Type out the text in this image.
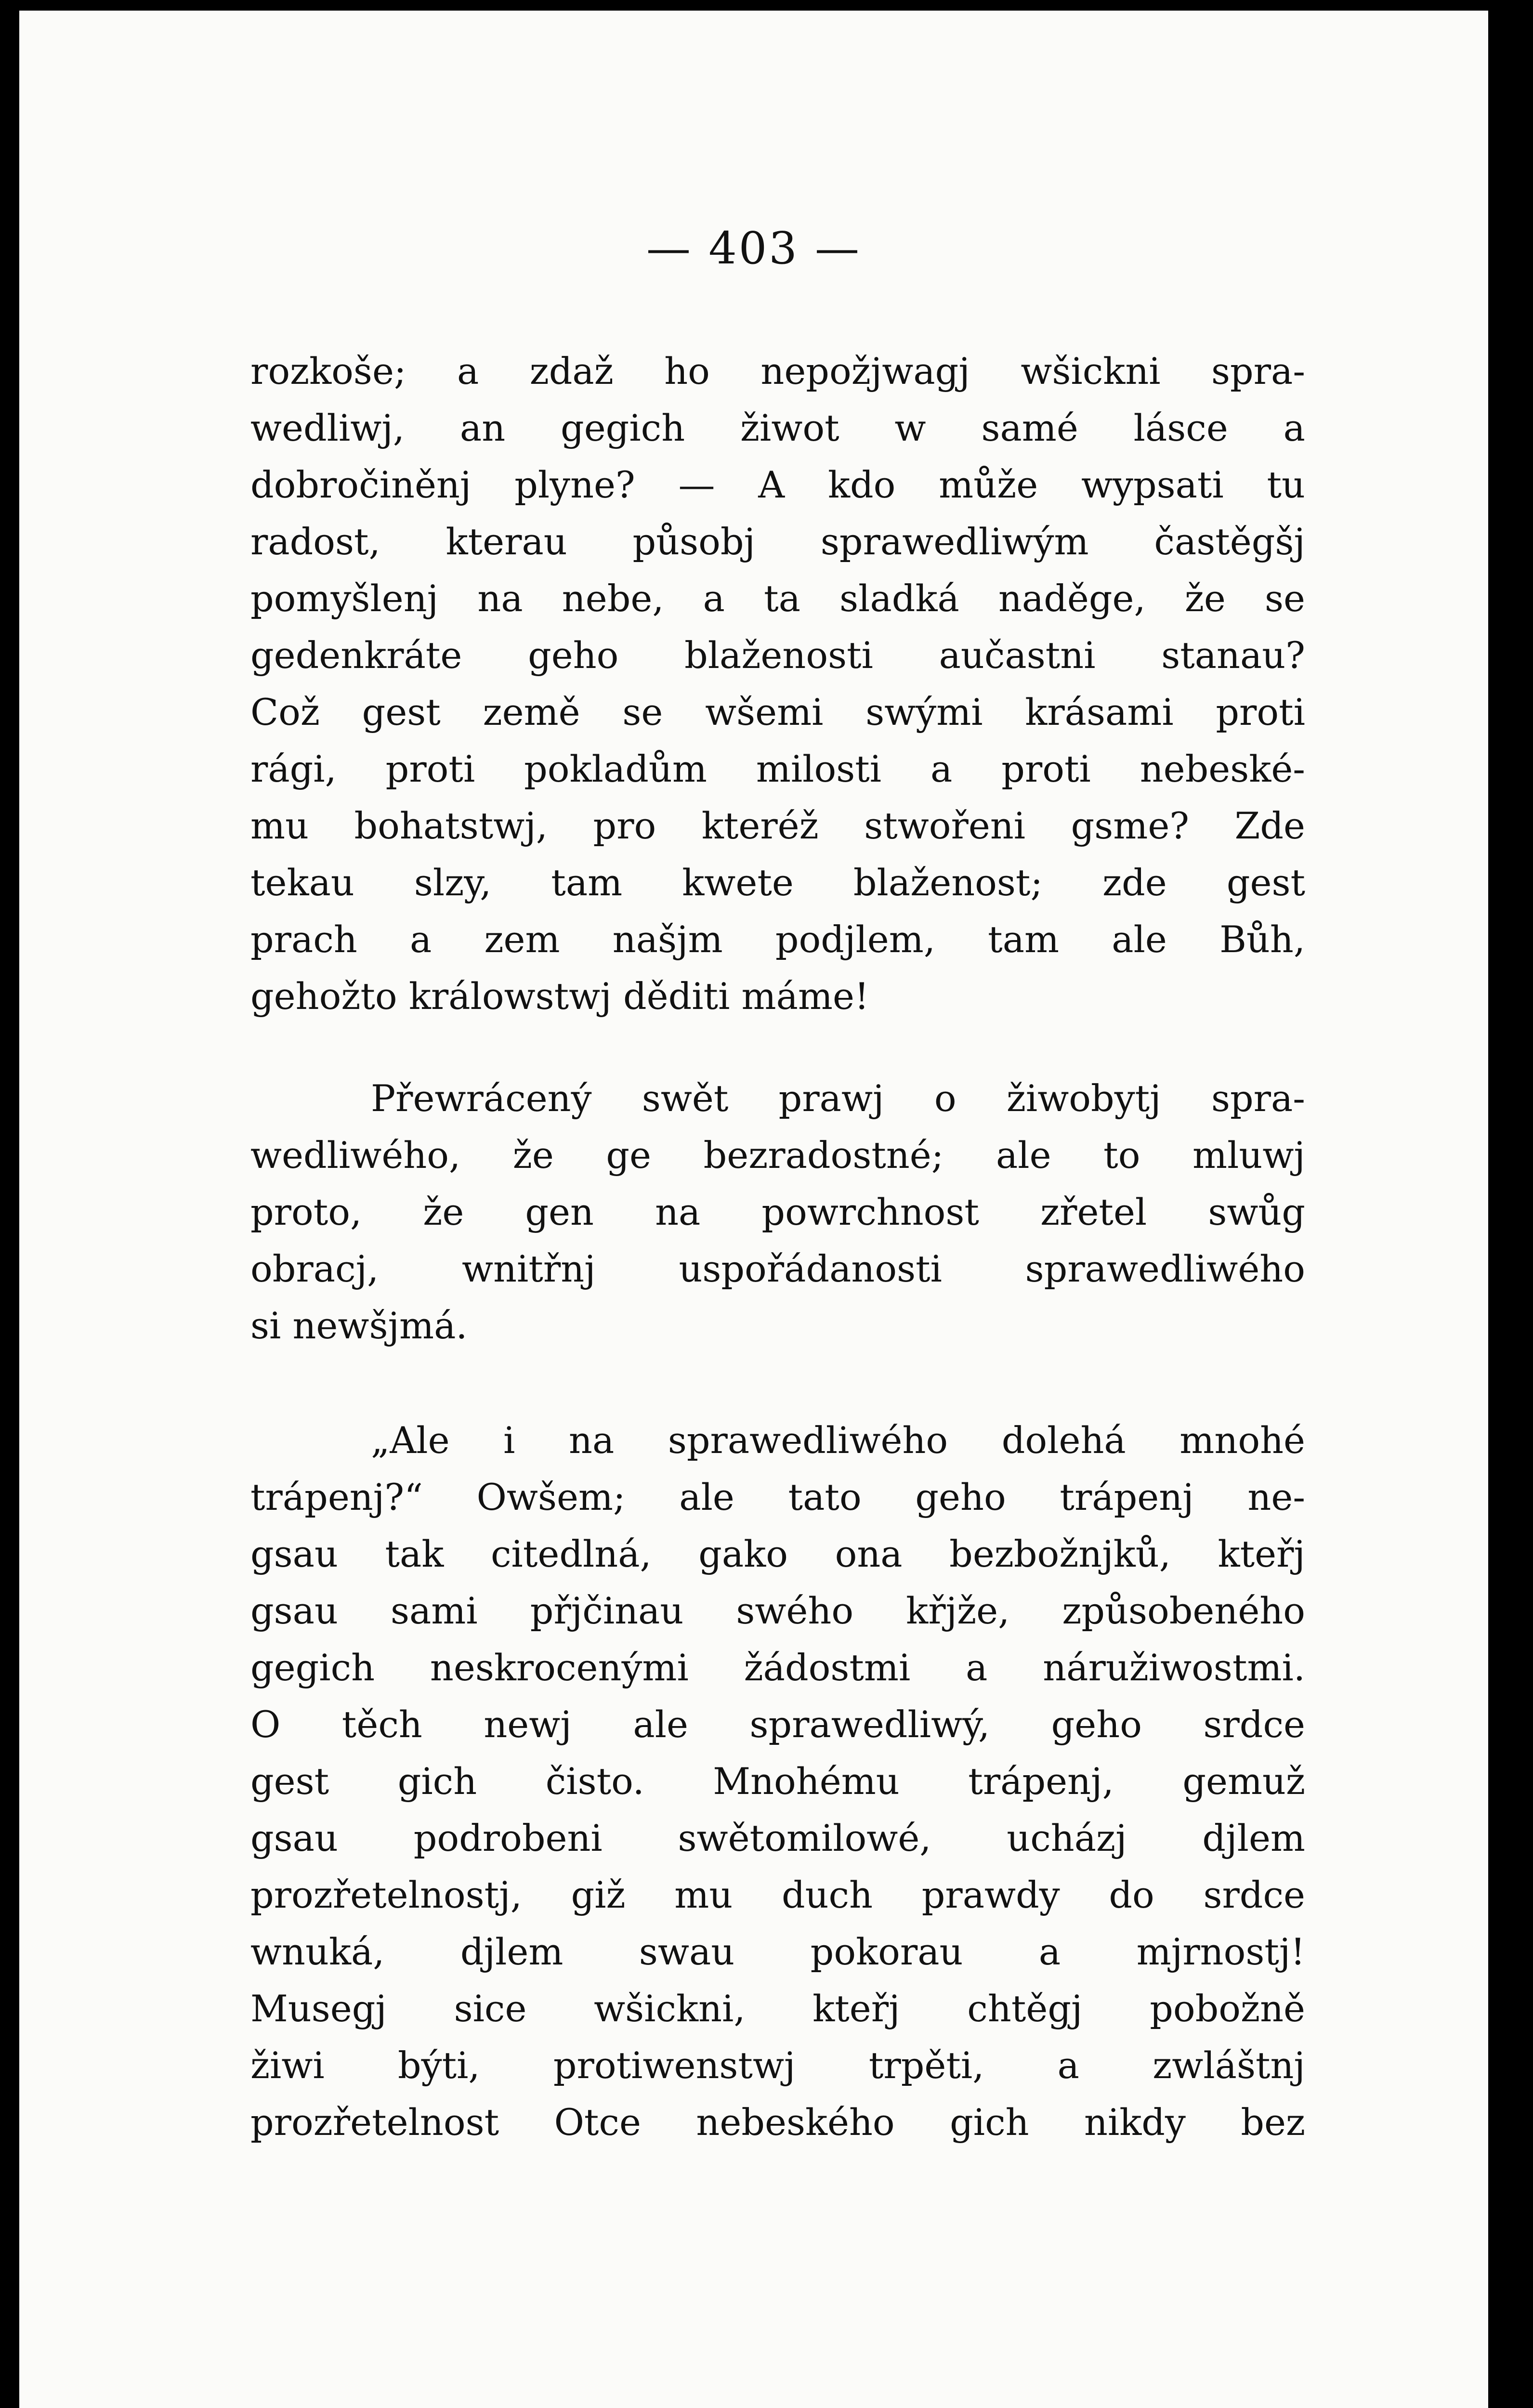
— 403 —
rozkoše; a zdaž ho nepožjwagj wšickni spra-
wedliwj, an gegich žiwot w samé lásce a
dobročiněnj plyne? — A kdo může wypsati tu
radost, kterau působj sprawedliwým častěgšj
pomyšlenj na nebe, a ta sladká naděge, že se
gedenkráte geho blaženosti aučastni stanau?
Což gest země se wšemi swými krásami proti
rági, proti pokladům milosti a proti nebeské-
mu bohatstwj, pro kteréž stwořeni gsme? Zde
tekau slzy, tam kwete blaženost; zde gest
prach a zem našjm podjlem, tam ale Bůh,
gehožto králowstwj děditi máme!
Přewrácený swět prawj o žiwobytj spra-
wedliwého, že ge bezradostné; ale to mluwj
proto, že gen na powrchnost zřetel swůg
obracj, wnitřnj uspořádanosti sprawedliwého
si newšjmá.
„Ale i na sprawedliwého dolehá mnohé
trápenj?“ Owšem; ale tato geho trápenj ne-
gsau tak citedlná, gako ona bezbožnjků, kteřj
gsau sami přjčinau swého křjže, způsobeného
gegich neskrocenými žádostmi a náružiwostmi.
O těch newj ale sprawedliwý, geho srdce
gest gich čisto. Mnohému trápenj, gemuž
gsau podrobeni swětomilowé, ucházj djlem
prozřetelnostj, giž mu duch prawdy do srdce
wnuká, djlem swau pokorau a mjrnostj!
Musegj sice wšickni, kteřj chtěgj pobožně
žiwi býti, protiwenstwj trpěti, a zwláštnj
prozřetelnost Otce nebeského gich nikdy bez
